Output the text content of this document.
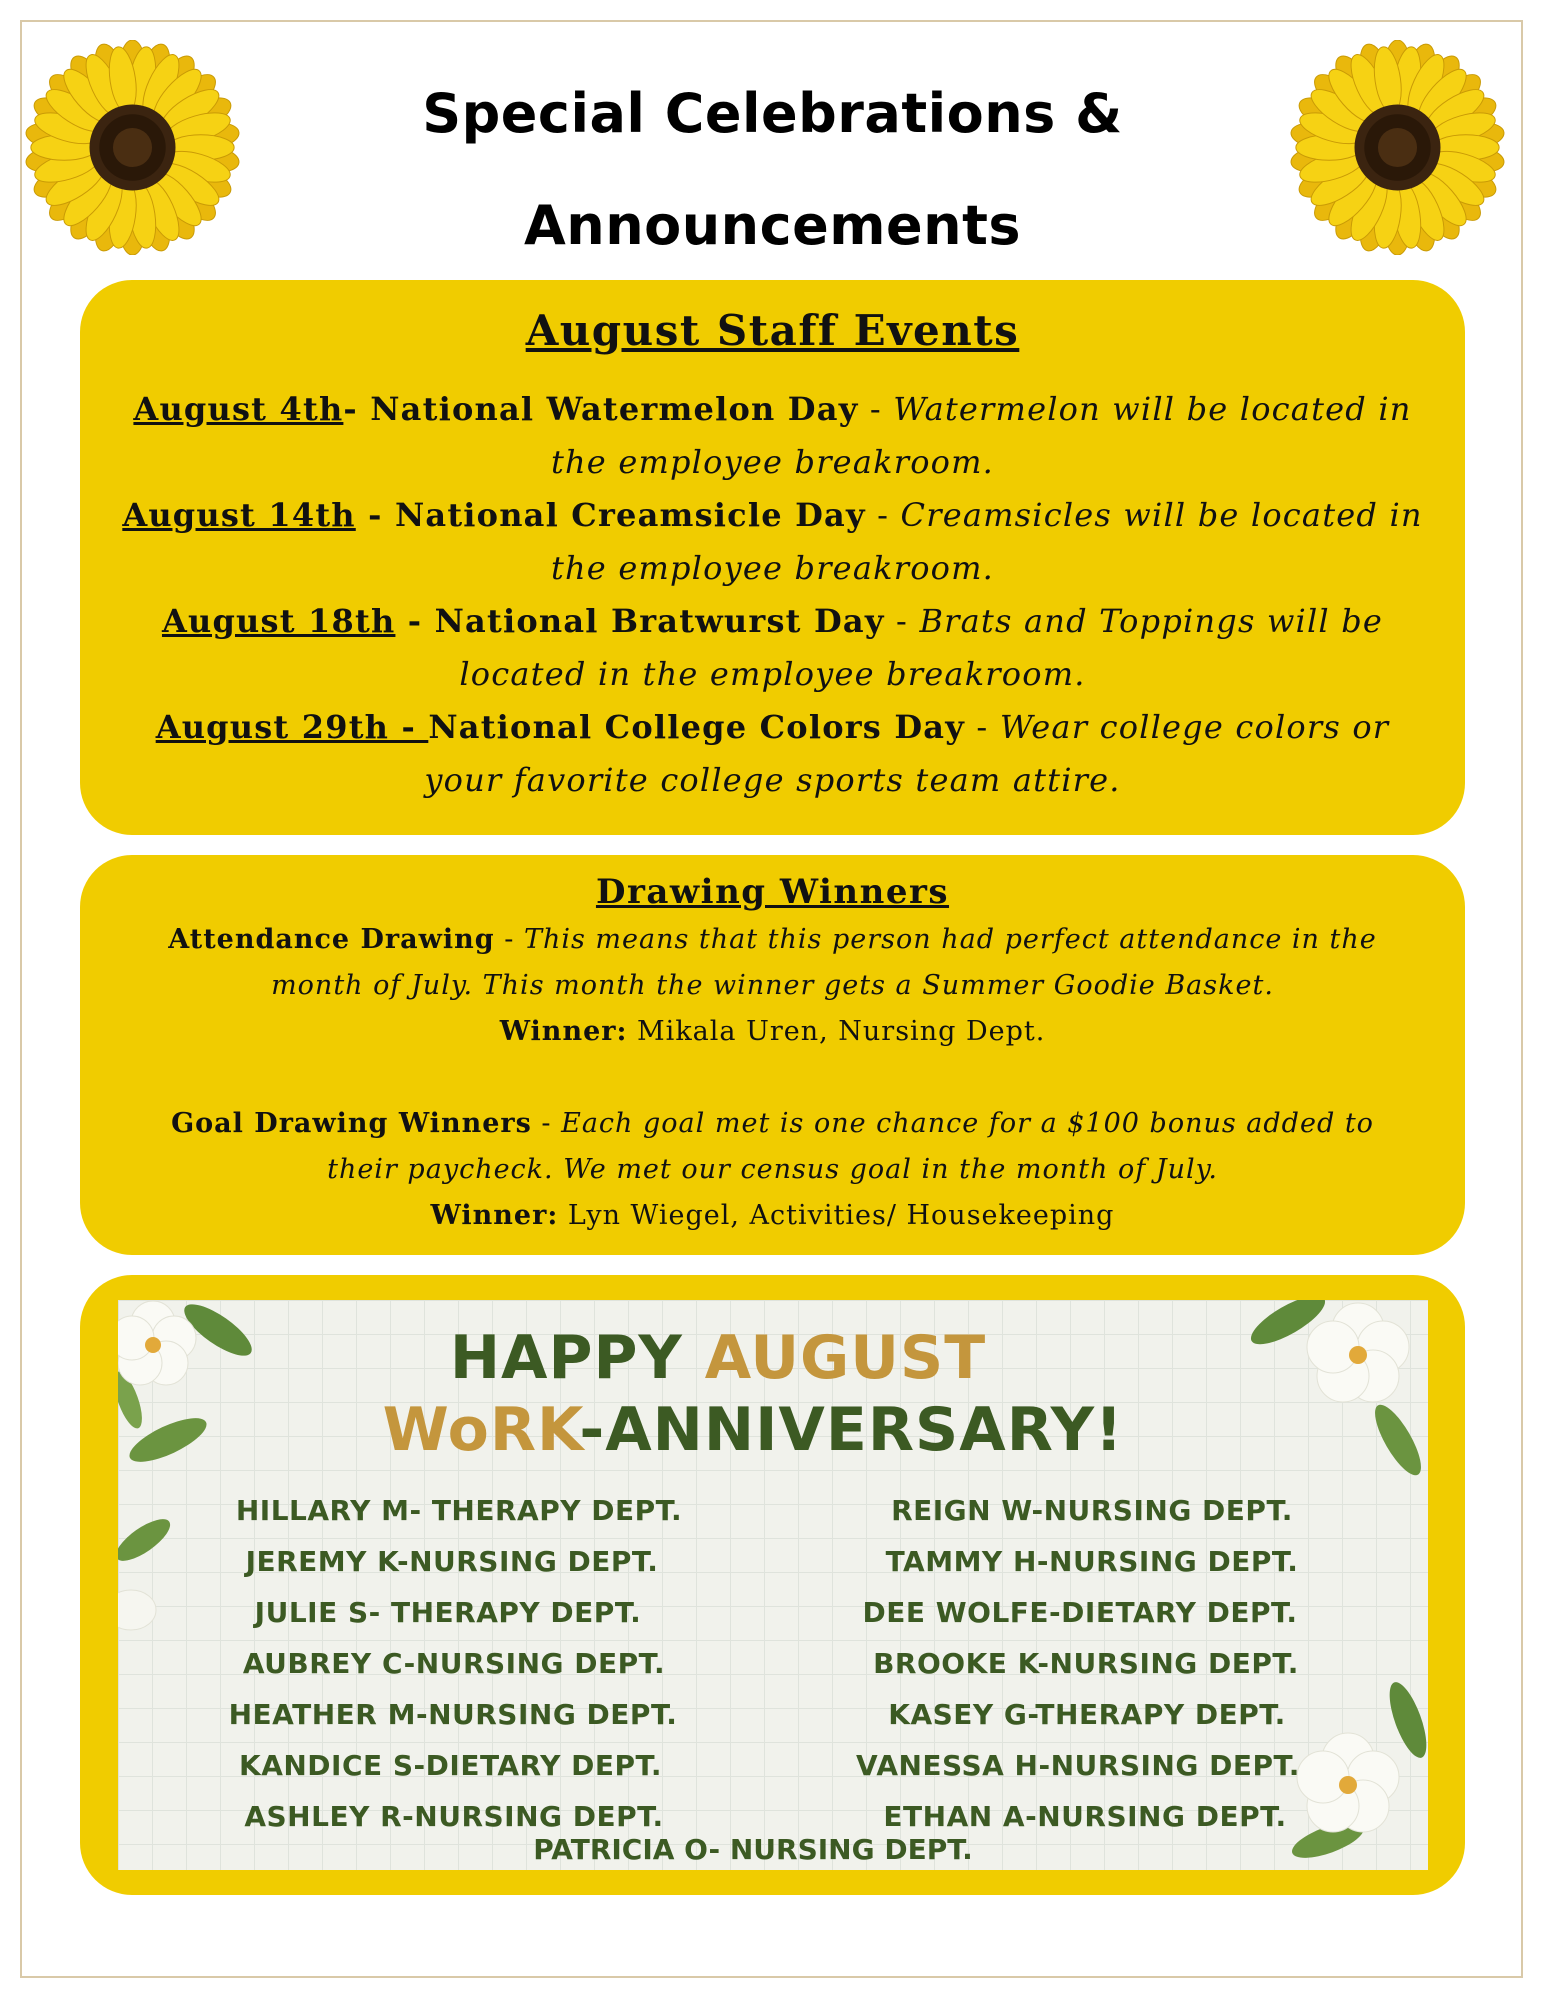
Special Celebrations &
Announcements
August Staff Events
August 4th- National Watermelon Day - Watermelon will be located in the employee breakroom.
August 14th - National Creamsicle Day - Creamsicles will be located in the employee breakroom.
August 18th - National Bratwurst Day - Brats and Toppings will be located in the employee breakroom.
August 29th - National College Colors Day - Wear college colors or your favorite college sports team attire.
Drawing Winners
Attendance Drawing - This means that this person had perfect attendance in the month of July. This month the winner gets a Summer Goodie Basket.
Winner: Mikala Uren, Nursing Dept.
Goal Drawing Winners - Each goal met is one chance for a $100 bonus added to their paycheck. We met our census goal in the month of July.
Winner: Lyn Wiegel, Activities/ Housekeeping
HAPPY AUGUST
WoRK-ANNIVERSARY!
HILLARY M- THERAPY DEPT.
JEREMY K-NURSING DEPT.
JULIE S- THERAPY DEPT.
AUBREY C-NURSING DEPT.
HEATHER M-NURSING DEPT.
KANDICE S-DIETARY DEPT.
ASHLEY R-NURSING DEPT.
REIGN W-NURSING DEPT.
TAMMY H-NURSING DEPT.
DEE WOLFE-DIETARY DEPT.
BROOKE K-NURSING DEPT.
KASEY G-THERAPY DEPT.
VANESSA H-NURSING DEPT.
ETHAN A-NURSING DEPT.
PATRICIA O- NURSING DEPT.
